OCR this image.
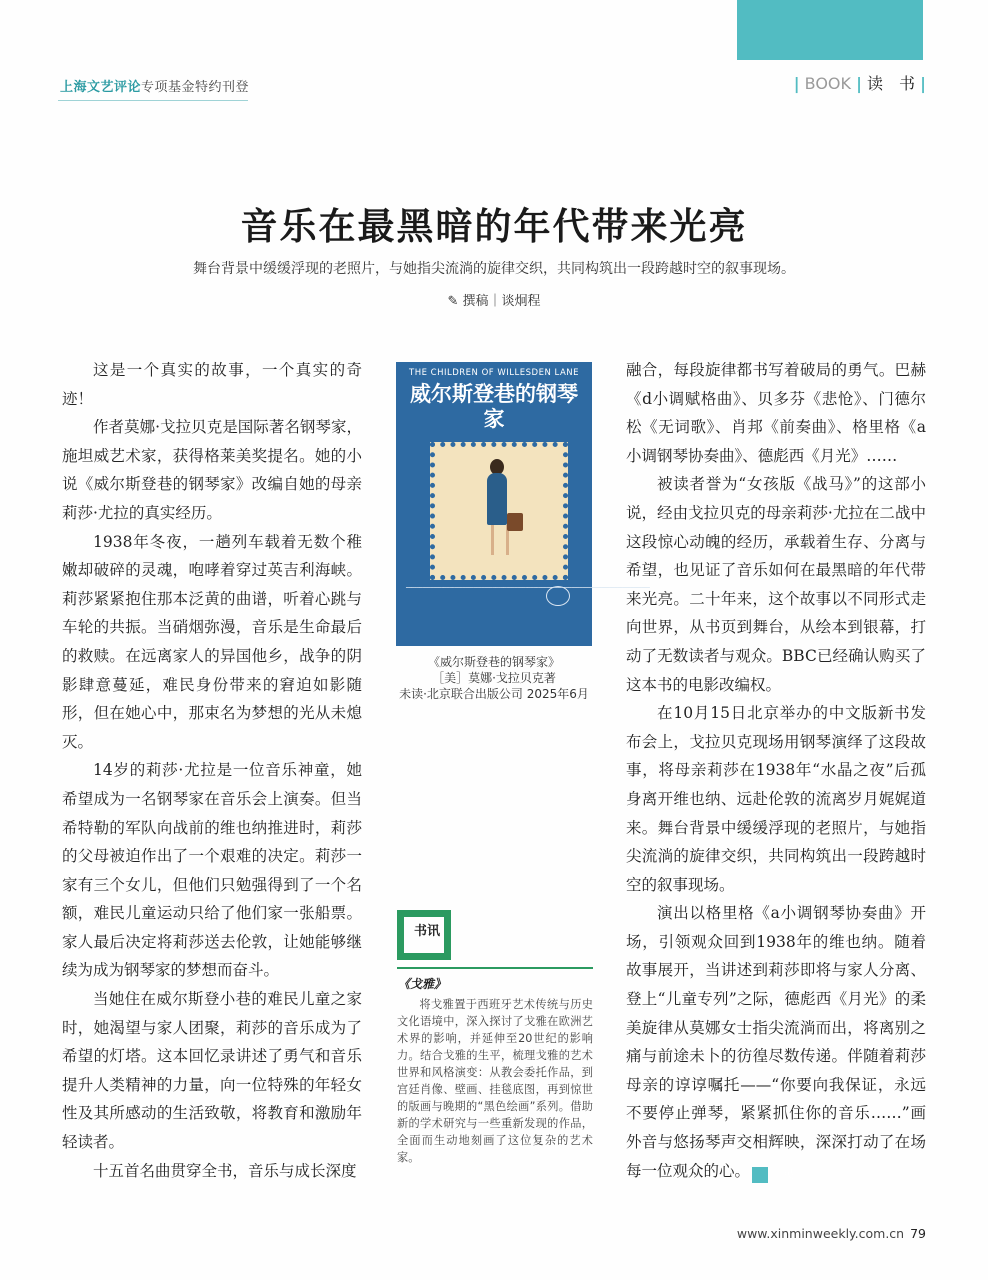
上海文艺评论专项基金特约刊登	| BOOK | 读　书 |
音乐在最黑暗的年代带来光亮
舞台背景中缓缓浮现的老照片，与她指尖流淌的旋律交织，共同构筑出一段跨越时空的叙事现场。
✎ 撰稿｜谈炯程

这是一个真实的故事，一个真实的奇迹！

作者莫娜·戈拉贝克是国际著名钢琴家，施坦威艺术家，获得格莱美奖提名。她的小说《威尔斯登巷的钢琴家》改编自她的母亲莉莎·尤拉的真实经历。

1938年冬夜，一趟列车载着无数个稚嫩却破碎的灵魂，咆哮着穿过英吉利海峡。莉莎紧紧抱住那本泛黄的曲谱，听着心跳与车轮的共振。当硝烟弥漫，音乐是生命最后的救赎。在远离家人的异国他乡，战争的阴影肆意蔓延，难民身份带来的窘迫如影随形，但在她心中，那束名为梦想的光从未熄灭。

14岁的莉莎·尤拉是一位音乐神童，她希望成为一名钢琴家在音乐会上演奏。但当希特勒的军队向战前的维也纳推进时，莉莎的父母被迫作出了一个艰难的决定。莉莎一家有三个女儿，但他们只勉强得到了一个名额，难民儿童运动只给了他们家一张船票。家人最后决定将莉莎送去伦敦，让她能够继续为成为钢琴家的梦想而奋斗。

当她住在威尔斯登小巷的难民儿童之家时，她渴望与家人团聚，莉莎的音乐成为了希望的灯塔。这本回忆录讲述了勇气和音乐提升人类精神的力量，向一位特殊的年轻女性及其所感动的生活致敬，将教育和激励年轻读者。

十五首名曲贯穿全书，音乐与成长深度

THE CHILDREN OF WILLESDEN LANE
威尔斯登巷的钢琴家
━━━━━━━━━━━━━━━━━━━━━━━━━━━━━━━━━━━━━━━━━━━━━━━━━━━━━━━━━━━━━━━━━━━━━━━━━━━━━━━━━━━━━━━━━━
《威尔斯登巷的钢琴家》
［美］莫娜·戈拉贝克著
未读·北京联合出版公司 2025年6月
书讯
《戈雅》
将戈雅置于西班牙艺术传统与历史文化语境中，深入探讨了戈雅在欧洲艺术界的影响，并延伸至20世纪的影响力。结合戈雅的生平，梳理戈雅的艺术世界和风格演变：从教会委托作品，到宫廷肖像、壁画、挂毯底图，再到惊世的版画与晚期的“黑色绘画”系列。借助新的学术研究与一些重新发现的作品，全面而生动地刻画了这位复杂的艺术家。

融合，每段旋律都书写着破局的勇气。巴赫《d小调赋格曲》、贝多芬《悲怆》、门德尔松《无词歌》、肖邦《前奏曲》、格里格《a小调钢琴协奏曲》、德彪西《月光》……

被读者誉为“女孩版《战马》”的这部小说，经由戈拉贝克的母亲莉莎·尤拉在二战中这段惊心动魄的经历，承载着生存、分离与希望，也见证了音乐如何在最黑暗的年代带来光亮。二十年来，这个故事以不同形式走向世界，从书页到舞台，从绘本到银幕，打动了无数读者与观众。BBC已经确认购买了这本书的电影改编权。

在10月15日北京举办的中文版新书发布会上，戈拉贝克现场用钢琴演绎了这段故事，将母亲莉莎在1938年“水晶之夜”后孤身离开维也纳、远赴伦敦的流离岁月娓娓道来。舞台背景中缓缓浮现的老照片，与她指尖流淌的旋律交织，共同构筑出一段跨越时空的叙事现场。

演出以格里格《a小调钢琴协奏曲》开场，引领观众回到1938年的维也纳。随着故事展开，当讲述到莉莎即将与家人分离、登上“儿童专列”之际，德彪西《月光》的柔美旋律从莫娜女士指尖流淌而出，将离别之痛与前途未卜的彷徨尽数传递。伴随着莉莎母亲的谆谆嘱托——“你要向我保证，永远不要停止弹琴，紧紧抓住你的音乐……”画外音与悠扬琴声交相辉映，深深打动了在场每一位观众的心。	民

www.xinminweekly.com.cn 79
